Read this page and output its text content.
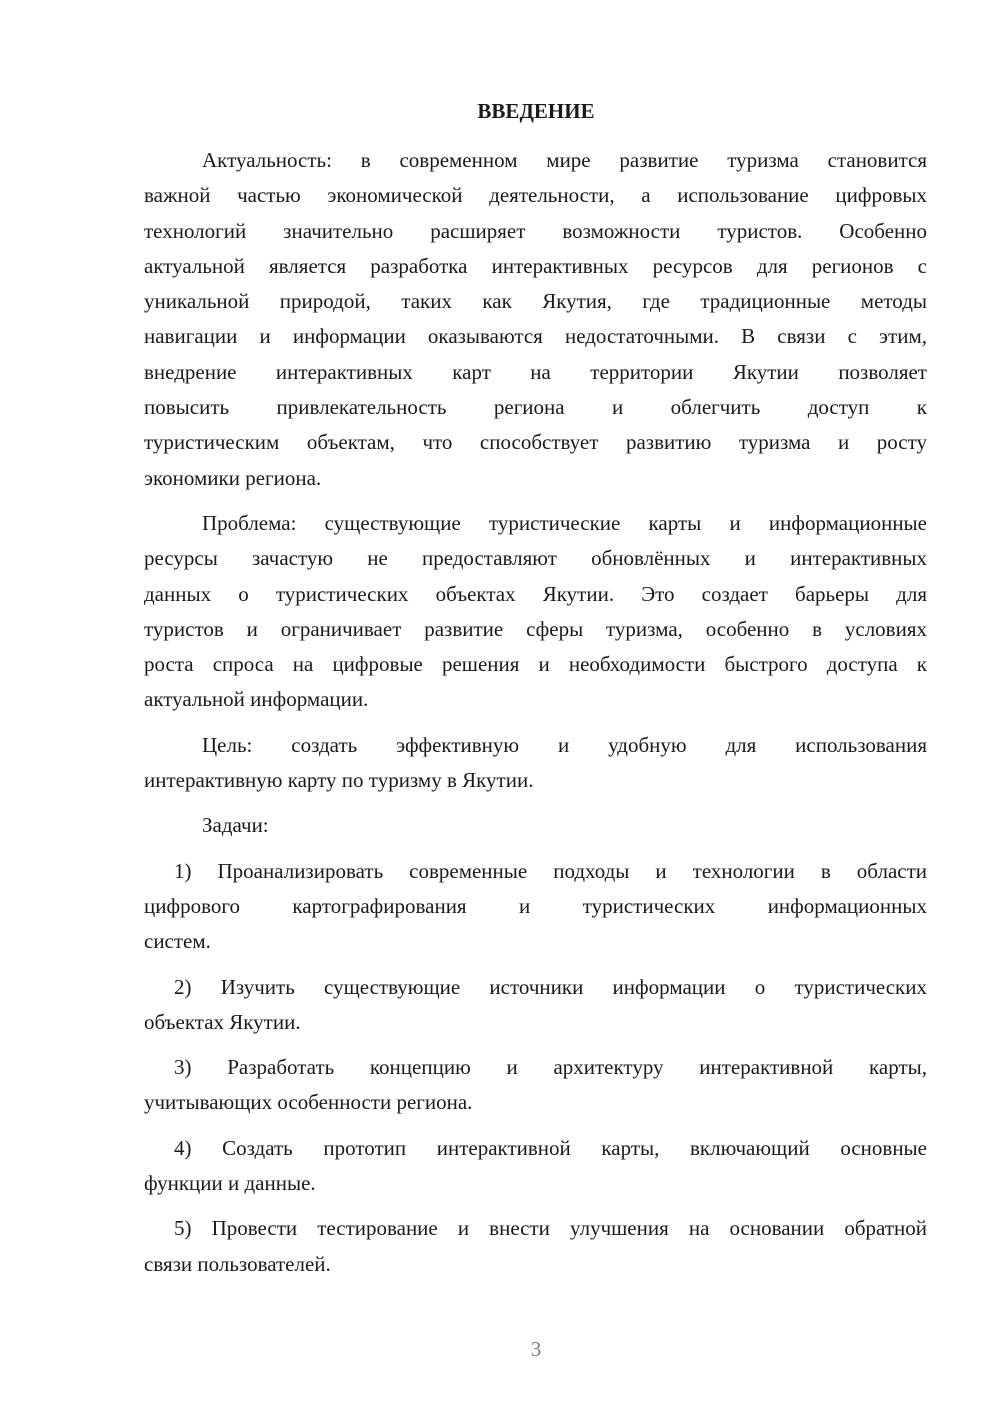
ВВЕДЕНИЕ
Актуальность: в современном мире развитие туризма становится
важной частью экономической деятельности, а использование цифровых
технологий значительно расширяет возможности туристов. Особенно
актуальной является разработка интерактивных ресурсов для регионов с
уникальной природой, таких как Якутия, где традиционные методы
навигации и информации оказываются недостаточными. В связи с этим,
внедрение интерактивных карт на территории Якутии позволяет
повысить привлекательность региона и облегчить доступ к
туристическим объектам, что способствует развитию туризма и росту
экономики региона.
Проблема: существующие туристические карты и информационные
ресурсы зачастую не предоставляют обновлённых и интерактивных
данных о туристических объектах Якутии. Это создает барьеры для
туристов и ограничивает развитие сферы туризма, особенно в условиях
роста спроса на цифровые решения и необходимости быстрого доступа к
актуальной информации.
Цель: создать эффективную и удобную для использования
интерактивную карту по туризму в Якутии.
Задачи:
1) Проанализировать современные подходы и технологии в области
цифрового картографирования и туристических информационных
систем.
2) Изучить существующие источники информации о туристических
объектах Якутии.
3) Разработать концепцию и архитектуру интерактивной карты,
учитывающих особенности региона.
4) Создать прототип интерактивной карты, включающий основные
функции и данные.
5) Провести тестирование и внести улучшения на основании обратной
связи пользователей.
3
